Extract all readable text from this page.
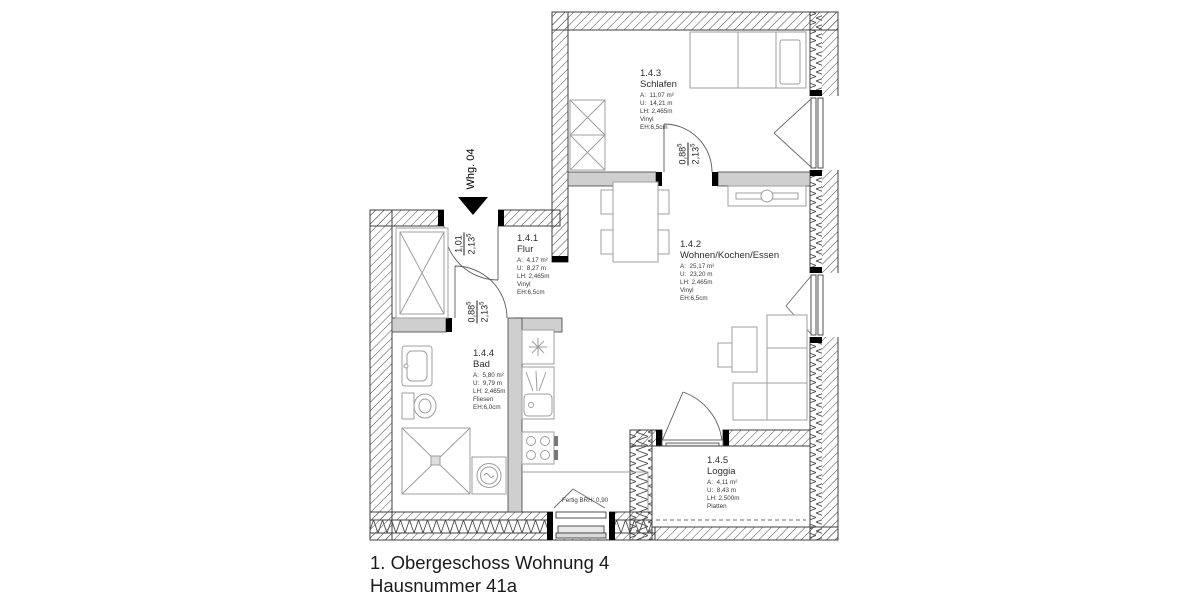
Whg. 04
1.4.3
Schlafen
A:  11,07 m²
U:  14,21 m
LH: 2,465m
Vinyl
EH:6,5cm
1.4.1
Flur
A:  4,17 m²
U:  8,27 m
LH: 2,465m
Vinyl
EH:6,5cm
1.4.2
Wohnen/Kochen/Essen
A:  25,17 m²
U:  23,20 m
LH: 2,465m
Vinyl
EH:6,5cm
1.4.4
Bad
A:  5,80 m²
U:  9,79 m
LH: 2,465m
Fliesen
EH:6,0cm
1.4.5
Loggia
A:  4,11 m²
U:  8,43 m
LH: 2,500m
Platten
1,01 2,13$^5$
0,88$^5$
2,13$^5$
0,88$^5$
2,13$^5$
Fertig BRH: 0,90
1. Obergeschoss Wohnung 4
Hausnummer 41a
